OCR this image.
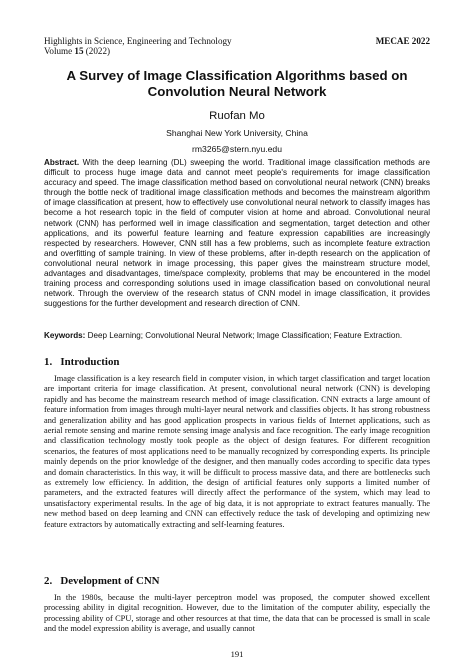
Highlights in Science, Engineering and Technology	MECAE 2022
Volume 15 (2022)
A Survey of Image Classification Algorithms based on Convolution Neural Network
Ruofan Mo
Shanghai New York University, China
rm3265@stern.nyu.edu

Abstract. With the deep learning (DL) sweeping the world. Traditional image classification methods are difficult to process huge image data and cannot meet people's requirements for image classification accuracy and speed. The image classification method based on convolutional neural network (CNN) breaks through the bottle neck of traditional image classification methods and becomes the mainstream algorithm of image classification at present, how to effectively use convolutional neural network to classify images has become a hot research topic in the field of computer vision at home and abroad. Convolutional neural network (CNN) has performed well in image classification and segmentation, target detection and other applications, and its powerful feature learning and feature expression capabilities are increasingly respected by researchers. However, CNN still has a few problems, such as incomplete feature extraction and overfitting of sample training. In view of these problems, after in-depth research on the application of convolutional neural network in image processing, this paper gives the mainstream structure model, advantages and disadvantages, time/space complexity, problems that may be encountered in the model training process and corresponding solutions used in image classification based on convolutional neural network. Through the overview of the research status of CNN model in image classification, it provides suggestions for the further development and research direction of CNN.

Keywords: Deep Learning; Convolutional Neural Network; Image Classification; Feature Extraction.

1.   Introduction

Image classification is a key research field in computer vision, in which target classification and target location are important criteria for image classification. At present, convolutional neural network (CNN) is developing rapidly and has become the mainstream research method of image classification. CNN extracts a large amount of feature information from images through multi-layer neural network and classifies objects. It has strong robustness and generalization ability and has good application prospects in various fields of Internet applications, such as aerial remote sensing and marine remote sensing image analysis and face recognition. The early image recognition and classification technology mostly took people as the object of design features. For different recognition scenarios, the features of most applications need to be manually recognized by corresponding experts. Its principle mainly depends on the prior knowledge of the designer, and then manually codes according to specific data types and domain characteristics. In this way, it will be difficult to process massive data, and there are bottlenecks such as extremely low efficiency. In addition, the design of artificial features only supports a limited number of parameters, and the extracted features will directly affect the performance of the system, which may lead to unsatisfactory experimental results. In the age of big data, it is not appropriate to extract features manually. The new method based on deep learning and CNN can effectively reduce the task of developing and optimizing new feature extractors by automatically extracting and self-learning features.

2.   Development of CNN

In the 1980s, because the multi-layer perceptron model was proposed, the computer showed excellent processing ability in digital recognition. However, due to the limitation of the computer ability, especially the processing ability of CPU, storage and other resources at that time, the data that can be processed is small in scale and the model expression ability is average, and usually cannot

191
